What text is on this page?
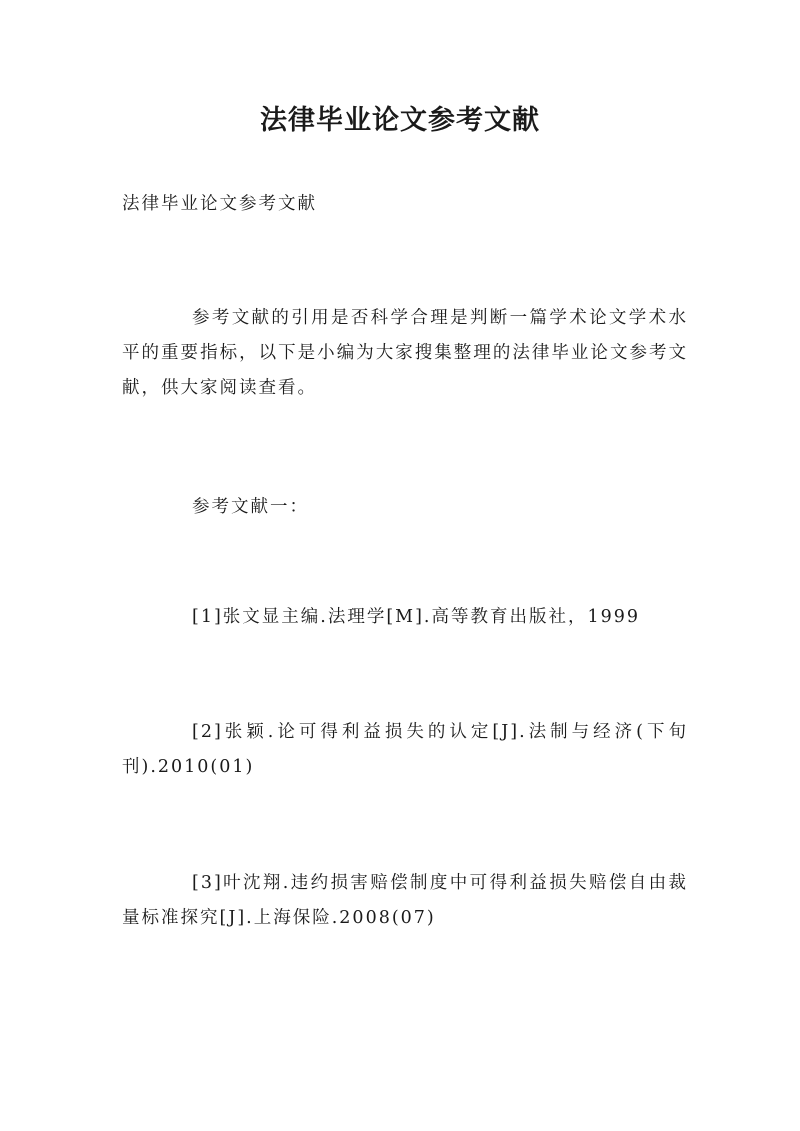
法律毕业论文参考文献

法律毕业论文参考文献

参考文献的引用是否科学合理是判断一篇学术论文学术水平的重要指标，以下是小编为大家搜集整理的法律毕业论文参考文献，供大家阅读查看。

参考文献一：

[1]张文显主编.法理学[M].高等教育出版社，1999

[2]张颖.论可得利益损失的认定[J].法制与经济(下旬刊).2010(01)

[3]叶沈翔.违约损害赔偿制度中可得利益损失赔偿自由裁量标准探究[J].上海保险.2008(07)
